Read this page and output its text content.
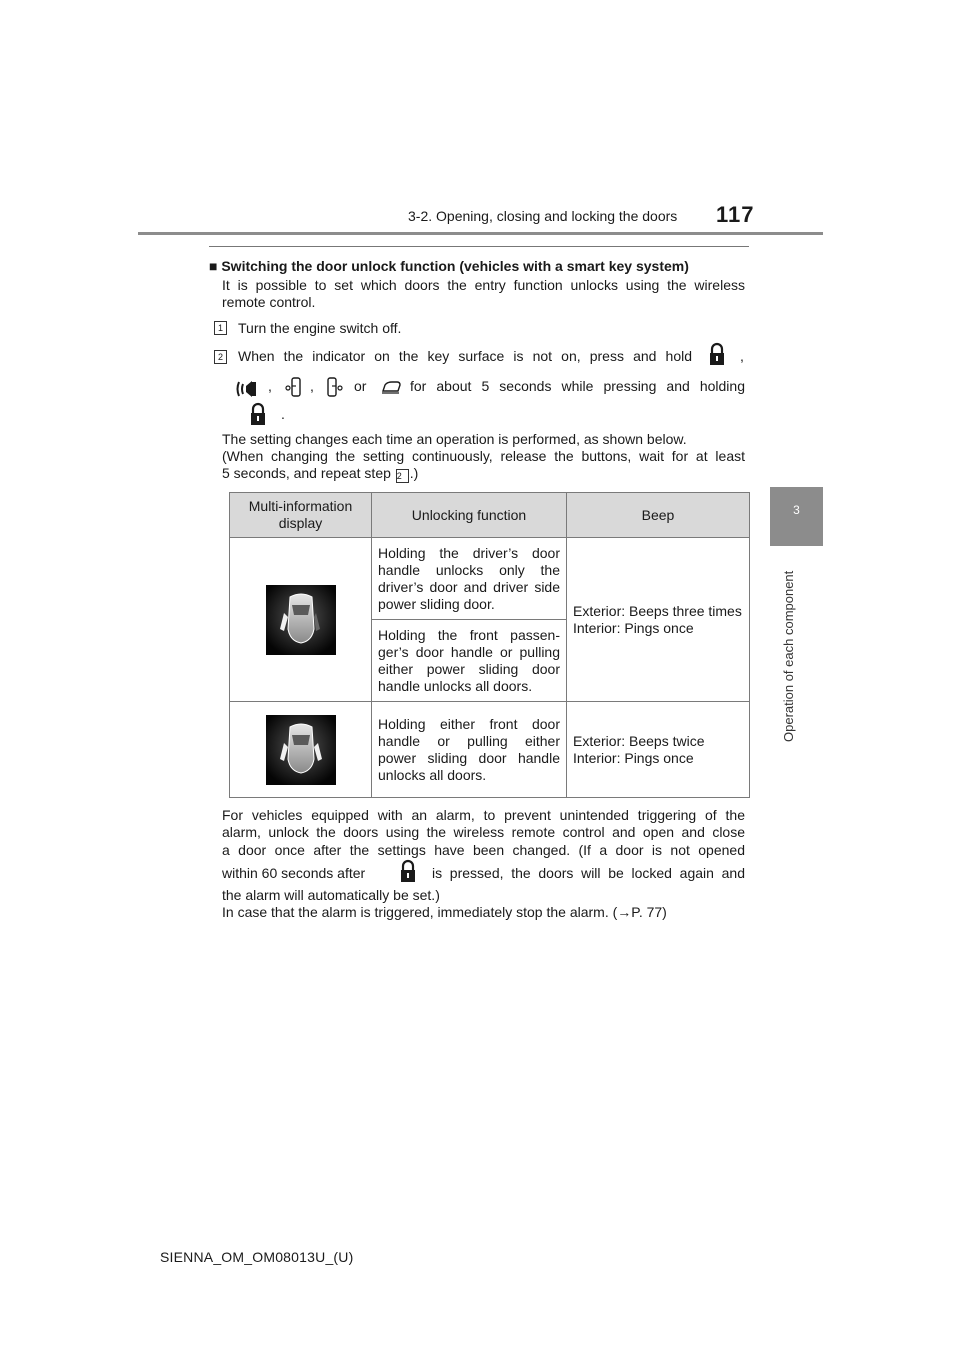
3-2. Opening, closing and locking the doors 117
3
Operation of each component
■ Switching the door unlock function (vehicles with a smart key system)
It is possible to set which doors the entry function unlocks using the wireless
remote control.
1 Turn the engine switch off.
2 When the indicator on the key surface is not on, press and hold	,
,	,	or	for about 5 seconds while pressing and holding
.
The setting changes each time an operation is performed, as shown below.
(When changing the setting continuously, release the buttons, wait for at least
5 seconds, and repeat step 2 .)
Multi-information display	Unlocking function	Beep

Holding the driver’s door handle unlocks only the driver’s door and driver side power sliding door.	Exterior: Beeps three times
Interior: Pings once

	Holding the front passen-ger’s door handle or pulling either power sliding door handle unlocks all doors.	

Holding either front door handle or pulling either power sliding door handle unlocks all doors.	Exterior: Beeps twice
Interior: Pings once
For vehicles equipped with an alarm, to prevent unintended triggering of the
alarm, unlock the doors using the wireless remote control and open and close
a door once after the settings have been changed. (If a door is not opened
within 60 seconds after	is pressed, the doors will be locked again and
the alarm will automatically be set.)
In case that the alarm is triggered, immediately stop the alarm. (→P. 77)
SIENNA_OM_OM08013U_(U)
